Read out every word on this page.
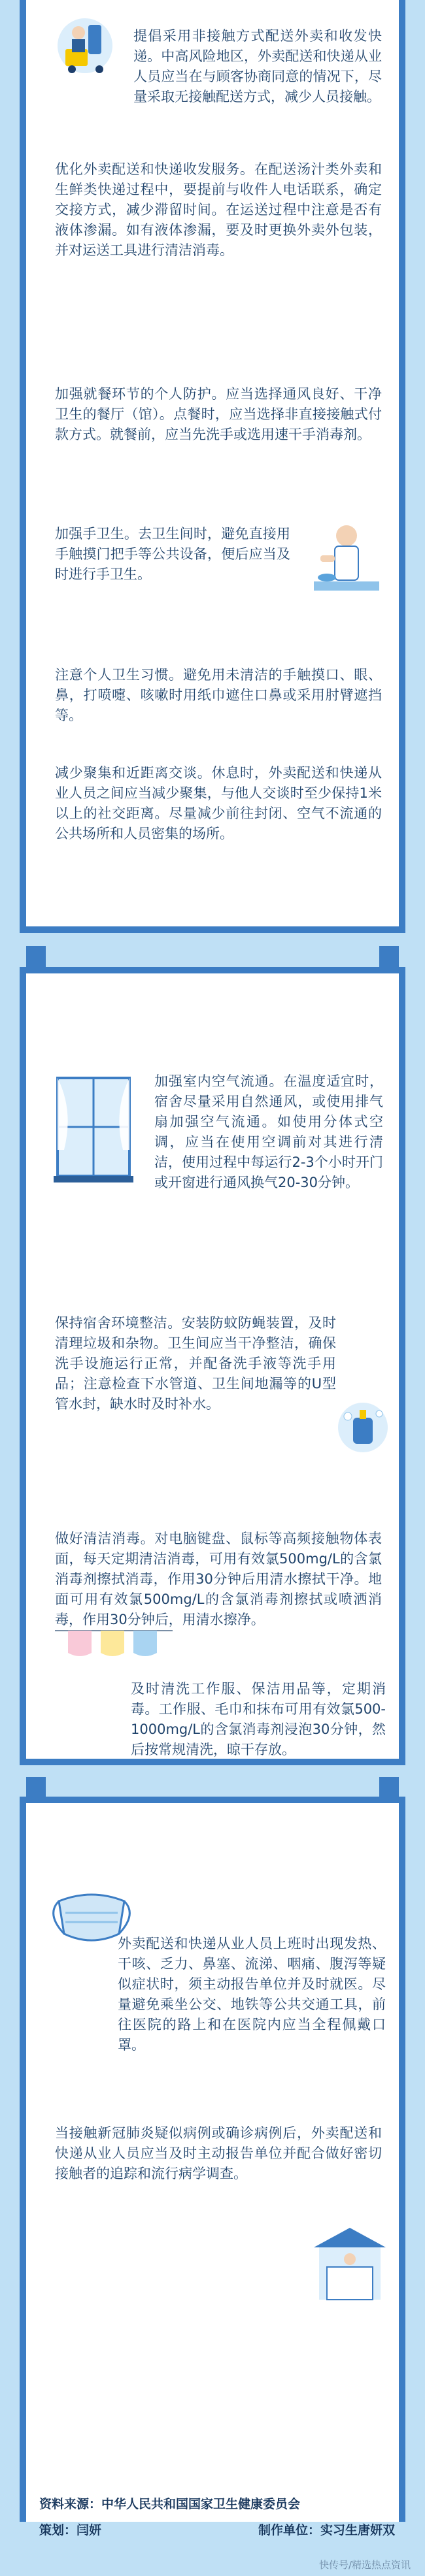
提倡采用非接触方式配送外卖和收发快递。中高风险地区，外卖配送和快递从业人员应当在与顾客协商同意的情况下，尽量采取无接触配送方式，减少人员接触。
优化外卖配送和快递收发服务。在配送汤汁类外卖和生鲜类快递过程中，要提前与收件人电话联系，确定交接方式，减少滞留时间。在运送过程中注意是否有液体渗漏。如有液体渗漏，要及时更换外卖外包装，并对运送工具进行清洁消毒。
加强就餐环节的个人防护。应当选择通风良好、干净卫生的餐厅（馆）。点餐时，应当选择非直接接触式付款方式。就餐前，应当先洗手或选用速干手消毒剂。
加强手卫生。去卫生间时，避免直接用手触摸门把手等公共设备，便后应当及时进行手卫生。
注意个人卫生习惯。避免用未清洁的手触摸口、眼、鼻，打喷嚏、咳嗽时用纸巾遮住口鼻或采用肘臂遮挡等。
减少聚集和近距离交谈。休息时，外卖配送和快递从业人员之间应当减少聚集，与他人交谈时至少保持1米以上的社交距离。尽量减少前往封闭、空气不流通的公共场所和人员密集的场所。
加强室内空气流通。在温度适宜时，宿舍尽量采用自然通风，或使用排气扇加强空气流通。如使用分体式空调，应当在使用空调前对其进行清洁，使用过程中每运行2-3个小时开门或开窗进行通风换气20-30分钟。
保持宿舍环境整洁。安装防蚊防蝇装置，及时清理垃圾和杂物。卫生间应当干净整洁，确保洗手设施运行正常，并配备洗手液等洗手用品；注意检查下水管道、卫生间地漏等的U型管水封，缺水时及时补水。
做好清洁消毒。对电脑键盘、鼠标等高频接触物体表面，每天定期清洁消毒，可用有效氯500mg/L的含氯消毒剂擦拭消毒，作用30分钟后用清水擦拭干净。地面可用有效氯500mg/L的含氯消毒剂擦拭或喷洒消毒，作用30分钟后，用清水擦净。
及时清洗工作服、保洁用品等，定期消毒。工作服、毛巾和抹布可用有效氯500-1000mg/L的含氯消毒剂浸泡30分钟，然后按常规清洗，晾干存放。
外卖配送和快递从业人员上班时出现发热、干咳、乏力、鼻塞、流涕、咽痛、腹泻等疑似症状时，须主动报告单位并及时就医。尽量避免乘坐公交、地铁等公共交通工具，前往医院的路上和在医院内应当全程佩戴口罩。
当接触新冠肺炎疑似病例或确诊病例后，外卖配送和快递从业人员应当及时主动报告单位并配合做好密切接触者的追踪和流行病学调查。
资料来源：中华人民共和国国家卫生健康委员会
策划：闫妍	制作单位：实习生唐妍双
快传号/精选热点资讯
